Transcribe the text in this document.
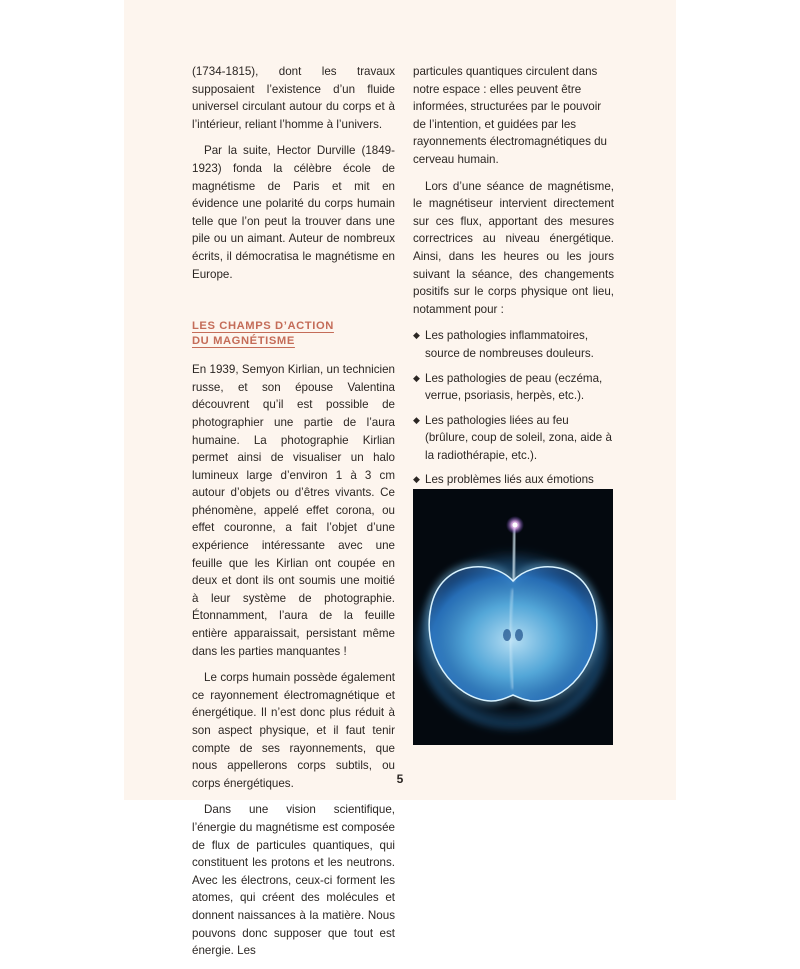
(1734-1815), dont les travaux supposaient l’existence d’un fluide universel circulant autour du corps et à l’intérieur, reliant l’homme à l’univers.

Par la suite, Hector Durville (1849-1923) fonda la célèbre école de magnétisme de Paris et mit en évidence une polarité du corps humain telle que l’on peut la trouver dans une pile ou un aimant. Auteur de nombreux écrits, il démocratisa le magnétisme en Europe.

LES CHAMPS D’ACTION
DU MAGNÉTISME

En 1939, Semyon Kirlian, un technicien russe, et son épouse Valentina découvrent qu’il est possible de photographier une partie de l’aura humaine. La photographie Kirlian permet ainsi de visualiser un halo lumineux large d’environ 1 à 3 cm autour d’objets ou d’êtres vivants. Ce phénomène, appelé effet corona, ou effet couronne, a fait l’objet d’une expérience intéressante avec une feuille que les Kirlian ont coupée en deux et dont ils ont soumis une moitié à leur système de photographie. Étonnamment, l’aura de la feuille entière apparaissait, persistant même dans les parties manquantes !

Le corps humain possède également ce rayonnement électromagnétique et énergétique. Il n’est donc plus réduit à son aspect physique, et il faut tenir compte de ses rayonnements, que nous appellerons corps subtils, ou corps énergétiques.

Dans une vision scientifique, l’énergie du magnétisme est composée de flux de particules quantiques, qui constituent les protons et les neutrons. Avec les électrons, ceux-ci forment les atomes, qui créent des molécules et donnent naissances à la matière. Nous pouvons donc supposer que tout est énergie. Les

particules quantiques circulent dans notre espace : elles peuvent être informées, structurées par le pouvoir de l’intention, et guidées par les rayonnements électromagnétiques du cerveau humain.

Lors d’une séance de magnétisme, le magnétiseur intervient directement sur ces flux, apportant des mesures correctrices au niveau énergétique. Ainsi, dans les heures ou les jours suivant la séance, des changements positifs sur le corps physique ont lieu, notamment pour :

◆ Les pathologies inflammatoires, source de nombreuses douleurs.
◆ Les pathologies de peau (eczéma, verrue, psoriasis, herpès, etc.).
◆ Les pathologies liées au feu (brûlure, coup de soleil, zona, aide à la radiothérapie, etc.).
◆ Les problèmes liés aux émotions
5
